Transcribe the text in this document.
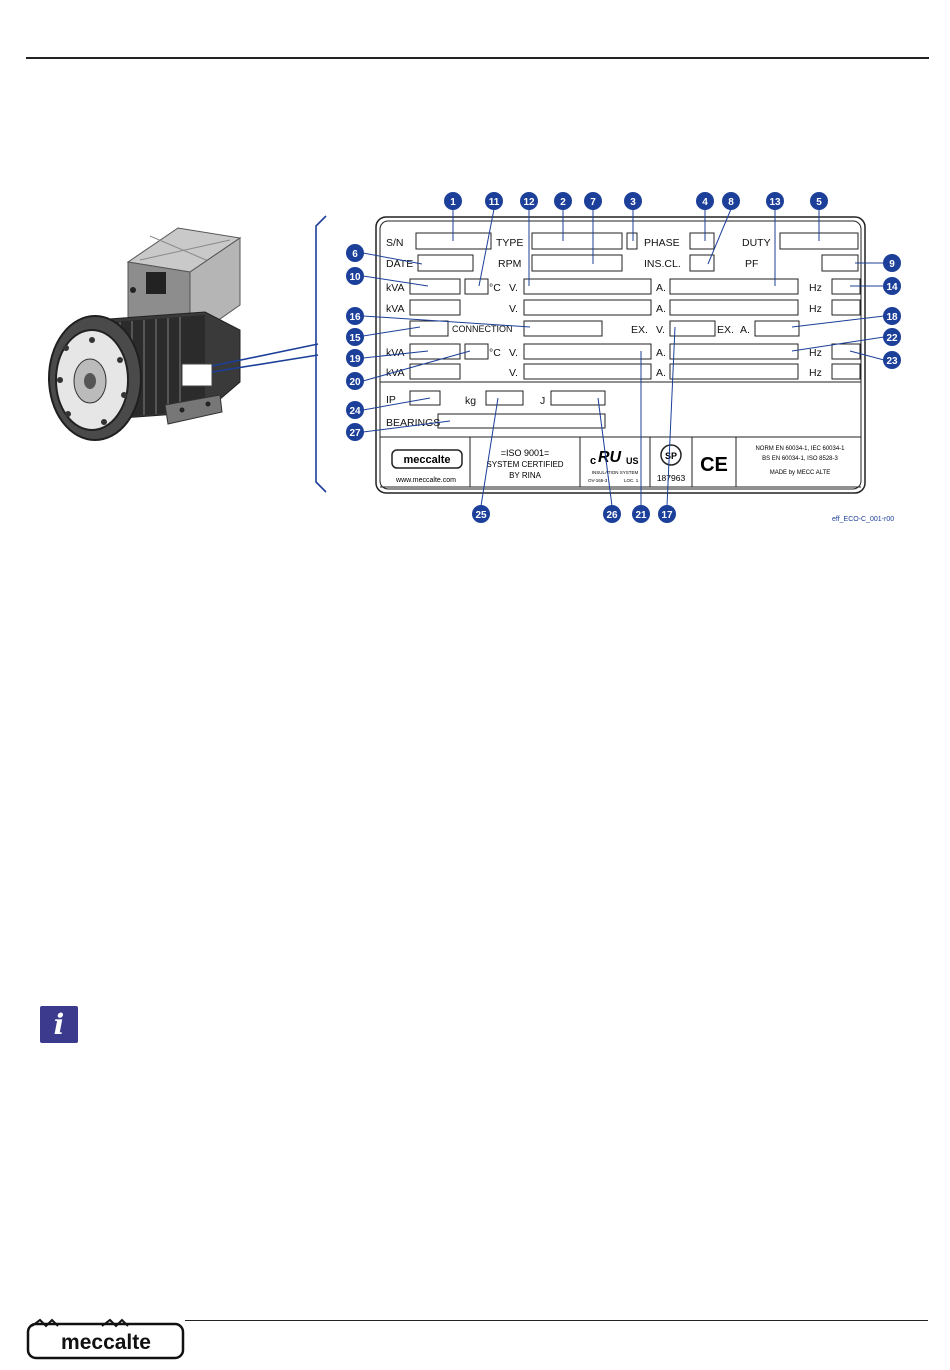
S/N	TYPE	PHASE	DUTY
DATE	RPM	INS.CL.	PF
kVA	°C V.	A.	Hz
kVA	V.	A.	Hz
CONNECTION	EX. V.	EX. A.
kVA	°C V.	A.	Hz
kVA	V.	A.	Hz
IP	kg	J
BEARINGS
meccalte
www.meccalte.com
=ISO 9001=
SYSTEM CERTIFIED
BY RINA
c RU US
INSULATION SYSTEM
OV-165-3	LOC. 1
SP
187963
CE
NORM EN 60034-1, IEC 60034-1
BS EN 60034-1, ISO 8528-3
MADE by MECC ALTE
1	2	3	4	5
6
7	8
9
10
11 12	13
14
15
16
17
18
19
20
21
22
23
24
25	26
27
eff_ECO-C_001-r00
i
meccalte
